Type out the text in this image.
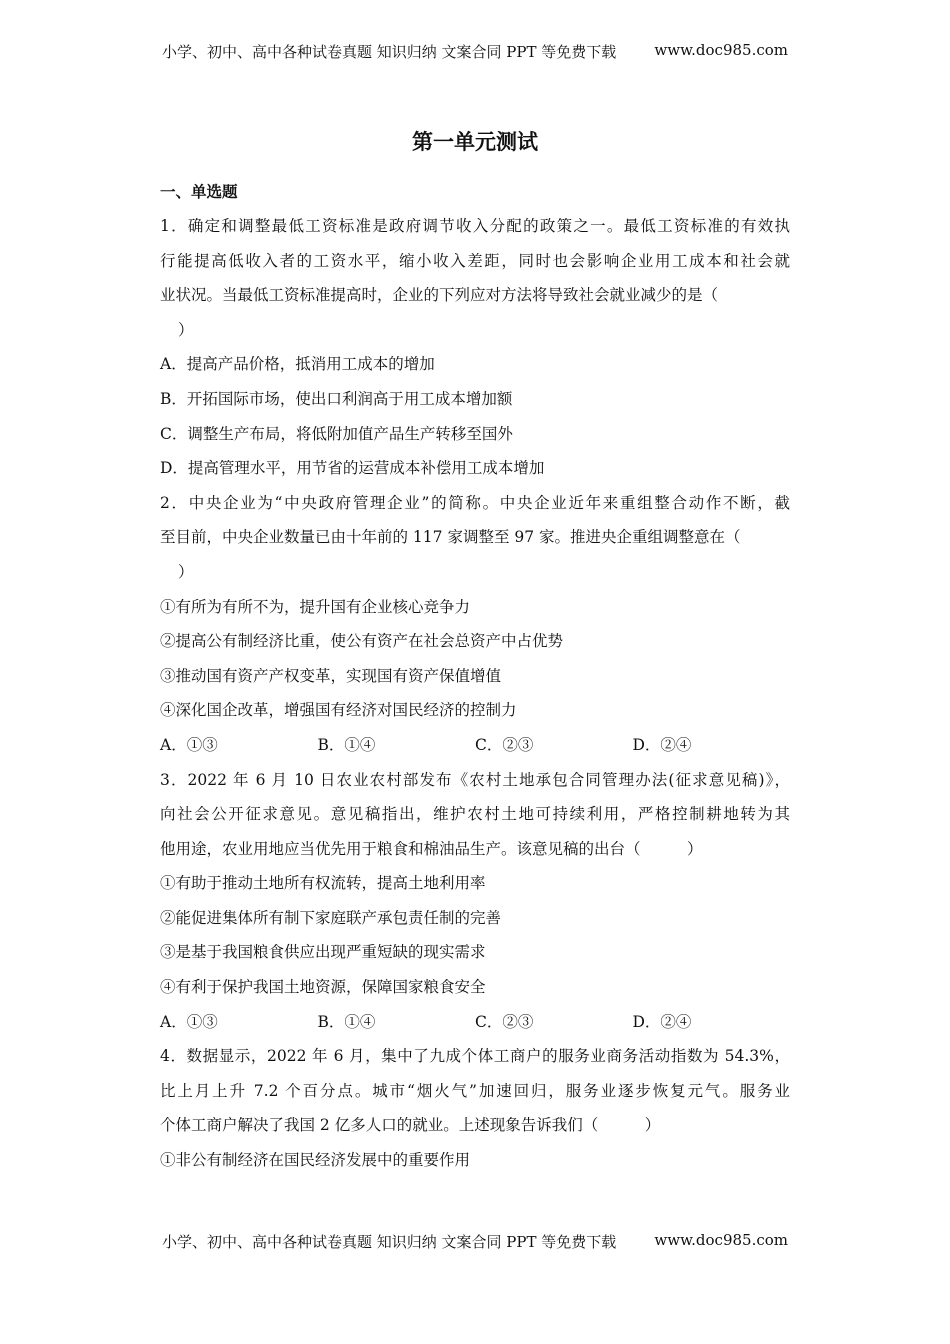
小学、初中、高中各种试卷真题 知识归纳 文案合同 PPT 等免费下载	www.doc985.com
第一单元测试
一、单选题
1．确定和调整最低工资标准是政府调节收入分配的政策之一。最低工资标准的有效执
行能提高低收入者的工资水平，缩小收入差距，同时也会影响企业用工成本和社会就
业状况。当最低工资标准提高时，企业的下列应对方法将导致社会就业减少的是（
）
A．提高产品价格，抵消用工成本的增加
B．开拓国际市场，使出口利润高于用工成本增加额
C．调整生产布局，将低附加值产品生产转移至国外
D．提高管理水平，用节省的运营成本补偿用工成本增加
2．中央企业为“中央政府管理企业”的简称。中央企业近年来重组整合动作不断，截
至目前，中央企业数量已由十年前的 117 家调整至 97 家。推进央企重组调整意在（
）
①有所为有所不为，提升国有企业核心竞争力
②提高公有制经济比重，使公有资产在社会总资产中占优势
③推动国有资产产权变革，实现国有资产保值增值
④深化国企改革，增强国有经济对国民经济的控制力
A．①③	B．①④	C．②③	D．②④
3．2022 年 6 月 10 日农业农村部发布《农村土地承包合同管理办法(征求意见稿)》，
向社会公开征求意见。意见稿指出，维护农村土地可持续利用，严格控制耕地转为其
他用途，农业用地应当优先用于粮食和棉油品生产。该意见稿的出台（　　　）
①有助于推动土地所有权流转，提高土地利用率
②能促进集体所有制下家庭联产承包责任制的完善
③是基于我国粮食供应出现严重短缺的现实需求
④有利于保护我国土地资源，保障国家粮食安全
A．①③	B．①④	C．②③	D．②④
4．数据显示，2022 年 6 月，集中了九成个体工商户的服务业商务活动指数为 54.3%，
比上月上升 7.2 个百分点。城市“烟火气”加速回归，服务业逐步恢复元气。服务业
个体工商户解决了我国 2 亿多人口的就业。上述现象告诉我们（　　　）
①非公有制经济在国民经济发展中的重要作用
小学、初中、高中各种试卷真题 知识归纳 文案合同 PPT 等免费下载	www.doc985.com
